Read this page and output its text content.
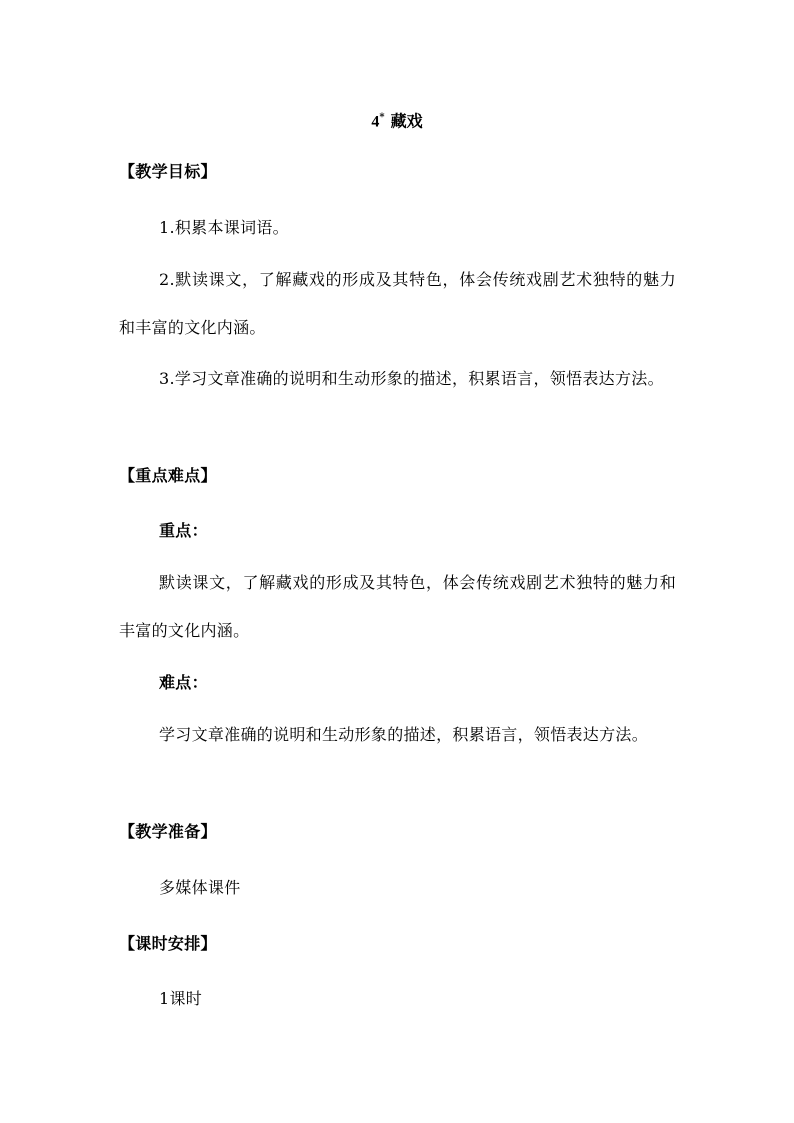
4* 藏戏
【教学目标】
1.积累本课词语。

2.默读课文，了解藏戏的形成及其特色，体会传统戏剧艺术独特的魅力和丰富的文化内涵。

3.学习文章准确的说明和生动形象的描述，积累语言，领悟表达方法。

【重点难点】
重点：

默读课文，了解藏戏的形成及其特色，体会传统戏剧艺术独特的魅力和丰富的文化内涵。

难点：

学习文章准确的说明和生动形象的描述，积累语言，领悟表达方法。

【教学准备】
多媒体课件
【课时安排】
1课时
